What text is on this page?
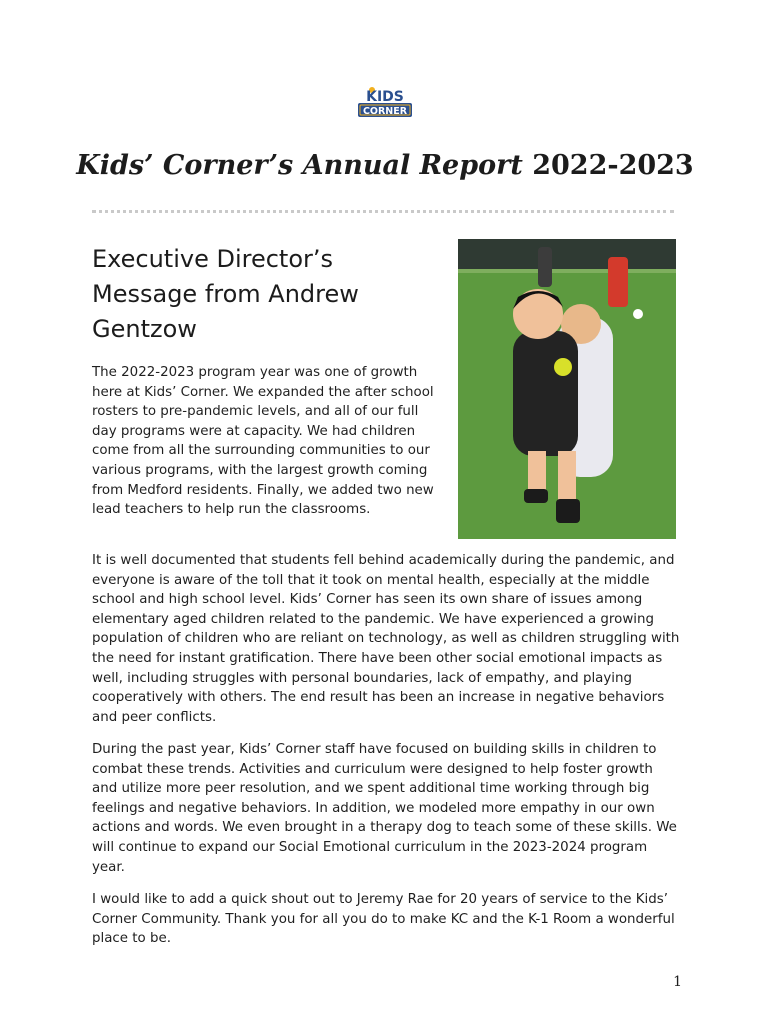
KIDS
CORNER
Kids’ Corner’s Annual Report 2022-2023
Executive Director’s Message from Andrew Gentzow

The 2022-2023 program year was one of growth here at Kids’ Corner. We expanded the after school rosters to pre-pandemic levels, and all of our full day programs were at capacity. We had children come from all the surrounding communities to our various programs, with the largest growth coming from Medford residents. Finally, we added two new lead teachers to help run the classrooms.

It is well documented that students fell behind academically during the pandemic, and everyone is aware of the toll that it took on mental health, especially at the middle school and high school level. Kids’ Corner has seen its own share of issues among elementary aged children related to the pandemic. We have experienced a growing population of children who are reliant on technology, as well as children struggling with the need for instant gratification. There have been other social emotional impacts as well, including struggles with personal boundaries, lack of empathy, and playing cooperatively with others. The end result has been an increase in negative behaviors and peer conflicts.

During the past year, Kids’ Corner staff have focused on building skills in children to combat these trends. Activities and curriculum were designed to help foster growth and utilize more peer resolution, and we spent additional time working through big feelings and negative behaviors. In addition, we modeled more empathy in our own actions and words. We even brought in a therapy dog to teach some of these skills. We will continue to expand our Social Emotional curriculum in the 2023-2024 program year.

I would like to add a quick shout out to Jeremy Rae for 20 years of service to the Kids’ Corner Community. Thank you for all you do to make KC and the K-1 Room a wonderful place to be.

1
